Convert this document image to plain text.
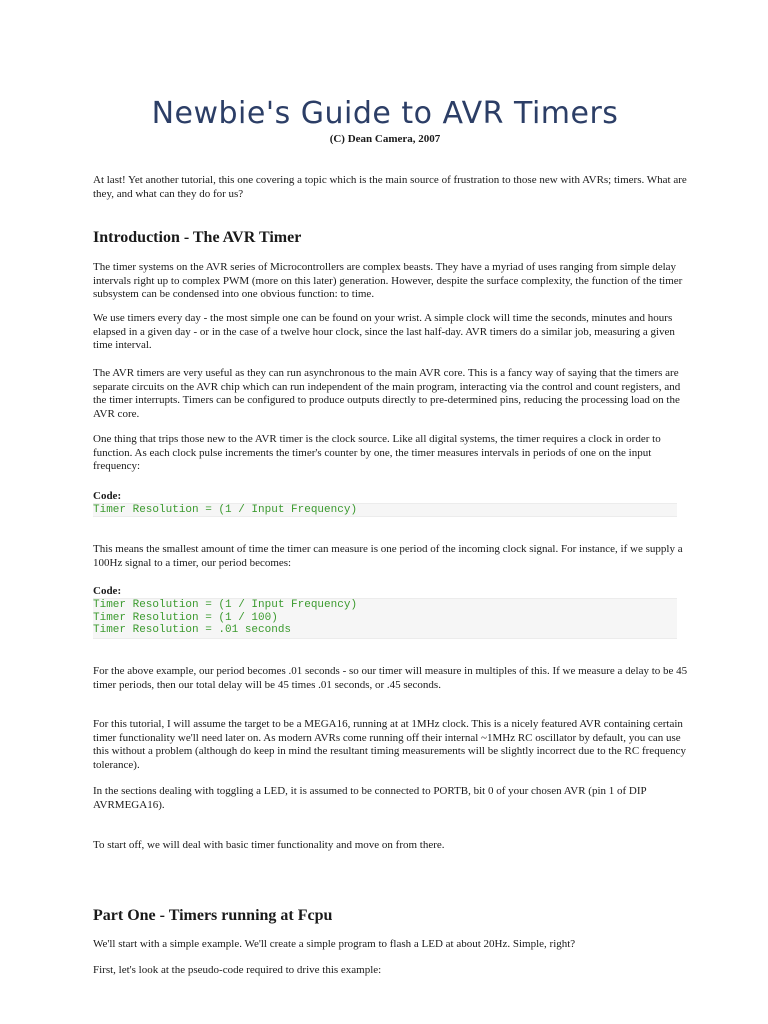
Newbie's Guide to AVR Timers
(C) Dean Camera, 2007

At last! Yet another tutorial, this one covering a topic which is the main source of frustration to those new with AVRs; timers. What are they, and what can they do for us?

Introduction - The AVR Timer

The timer systems on the AVR series of Microcontrollers are complex beasts. They have a myriad of uses ranging from simple delay intervals right up to complex PWM (more on this later) generation. However, despite the surface complexity, the function of the timer subsystem can be condensed into one obvious function: to time.

We use timers every day - the most simple one can be found on your wrist. A simple clock will time the seconds, minutes and hours elapsed in a given day - or in the case of a twelve hour clock, since the last half-day. AVR timers do a similar job, measuring a given time interval.

The AVR timers are very useful as they can run asynchronous to the main AVR core. This is a fancy way of saying that the timers are separate circuits on the AVR chip which can run independent of the main program, interacting via the control and count registers, and the timer interrupts. Timers can be configured to produce outputs directly to pre-determined pins, reducing the processing load on the AVR core.

One thing that trips those new to the AVR timer is the clock source. Like all digital systems, the timer requires a clock in order to function. As each clock pulse increments the timer's counter by one, the timer measures intervals in periods of one on the input frequency:

Code:
Timer Resolution = (1 / Input Frequency)

This means the smallest amount of time the timer can measure is one period of the incoming clock signal. For instance, if we supply a 100Hz signal to a timer, our period becomes:

Code:
Timer Resolution = (1 / Input Frequency)
Timer Resolution = (1 / 100)
Timer Resolution = .01 seconds

For the above example, our period becomes .01 seconds - so our timer will measure in multiples of this. If we measure a delay to be 45 timer periods, then our total delay will be 45 times .01 seconds, or .45 seconds.

For this tutorial, I will assume the target to be a MEGA16, running at at 1MHz clock. This is a nicely featured AVR containing certain timer functionality we'll need later on. As modern AVRs come running off their internal ~1MHz RC oscillator by default, you can use this without a problem (although do keep in mind the resultant timing measurements will be slightly incorrect due to the RC frequency tolerance).

In the sections dealing with toggling a LED, it is assumed to be connected to PORTB, bit 0 of your chosen AVR (pin 1 of DIP AVRMEGA16).

To start off, we will deal with basic timer functionality and move on from there.

Part One - Timers running at Fcpu

We'll start with a simple example. We'll create a simple program to flash a LED at about 20Hz. Simple, right?

First, let's look at the pseudo-code required to drive this example:
